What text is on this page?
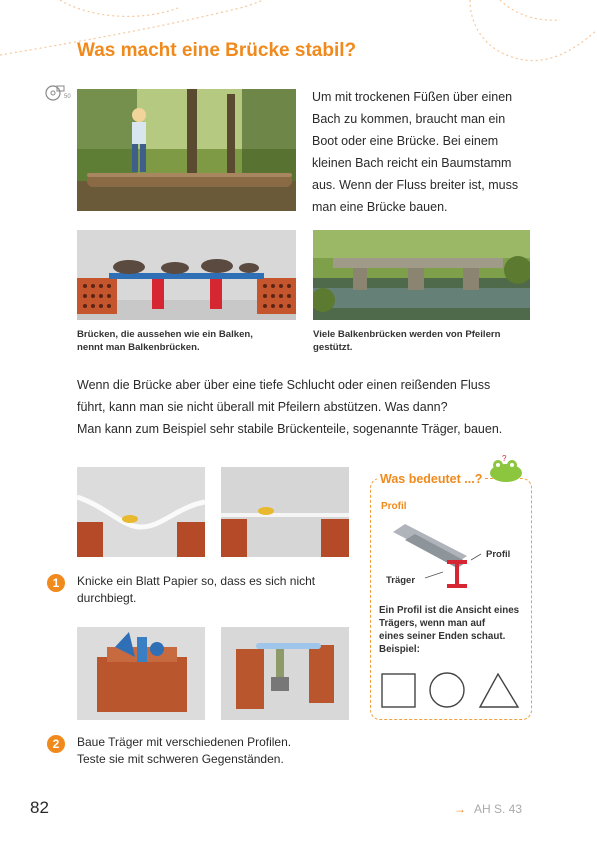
Was macht eine Brücke stabil?
50	Um mit trockenen Füßen über einen
Bach zu kommen, braucht man ein
Boot oder eine Brücke. Bei einem
kleinen Bach reicht ein Baumstamm
aus. Wenn der Fluss breiter ist, muss
man eine Brücke bauen.
Brücken, die aussehen wie ein Balken,
nennt man Balkenbrücken.
Viele Balkenbrücken werden von Pfeilern
gestützt.
Wenn die Brücke aber über eine tiefe Schlucht oder einen reißenden Fluss
führt, kann man sie nicht überall mit Pfeilern abstützen. Was dann?
Man kann zum Beispiel sehr stabile Brückenteile, sogenannte Träger, bauen.
1	Knicke ein Blatt Papier so, dass es sich nicht
durchbiegt.
2	Baue Träger mit verschiedenen Profilen.
Teste sie mit schweren Gegenständen.
Was bedeutet ...?
?
Profil
Profil
Träger
Ein Profil ist die Ansicht eines
Trägers, wenn man auf
eines seiner Enden schaut.
Beispiel:
82	→ AH S. 43
